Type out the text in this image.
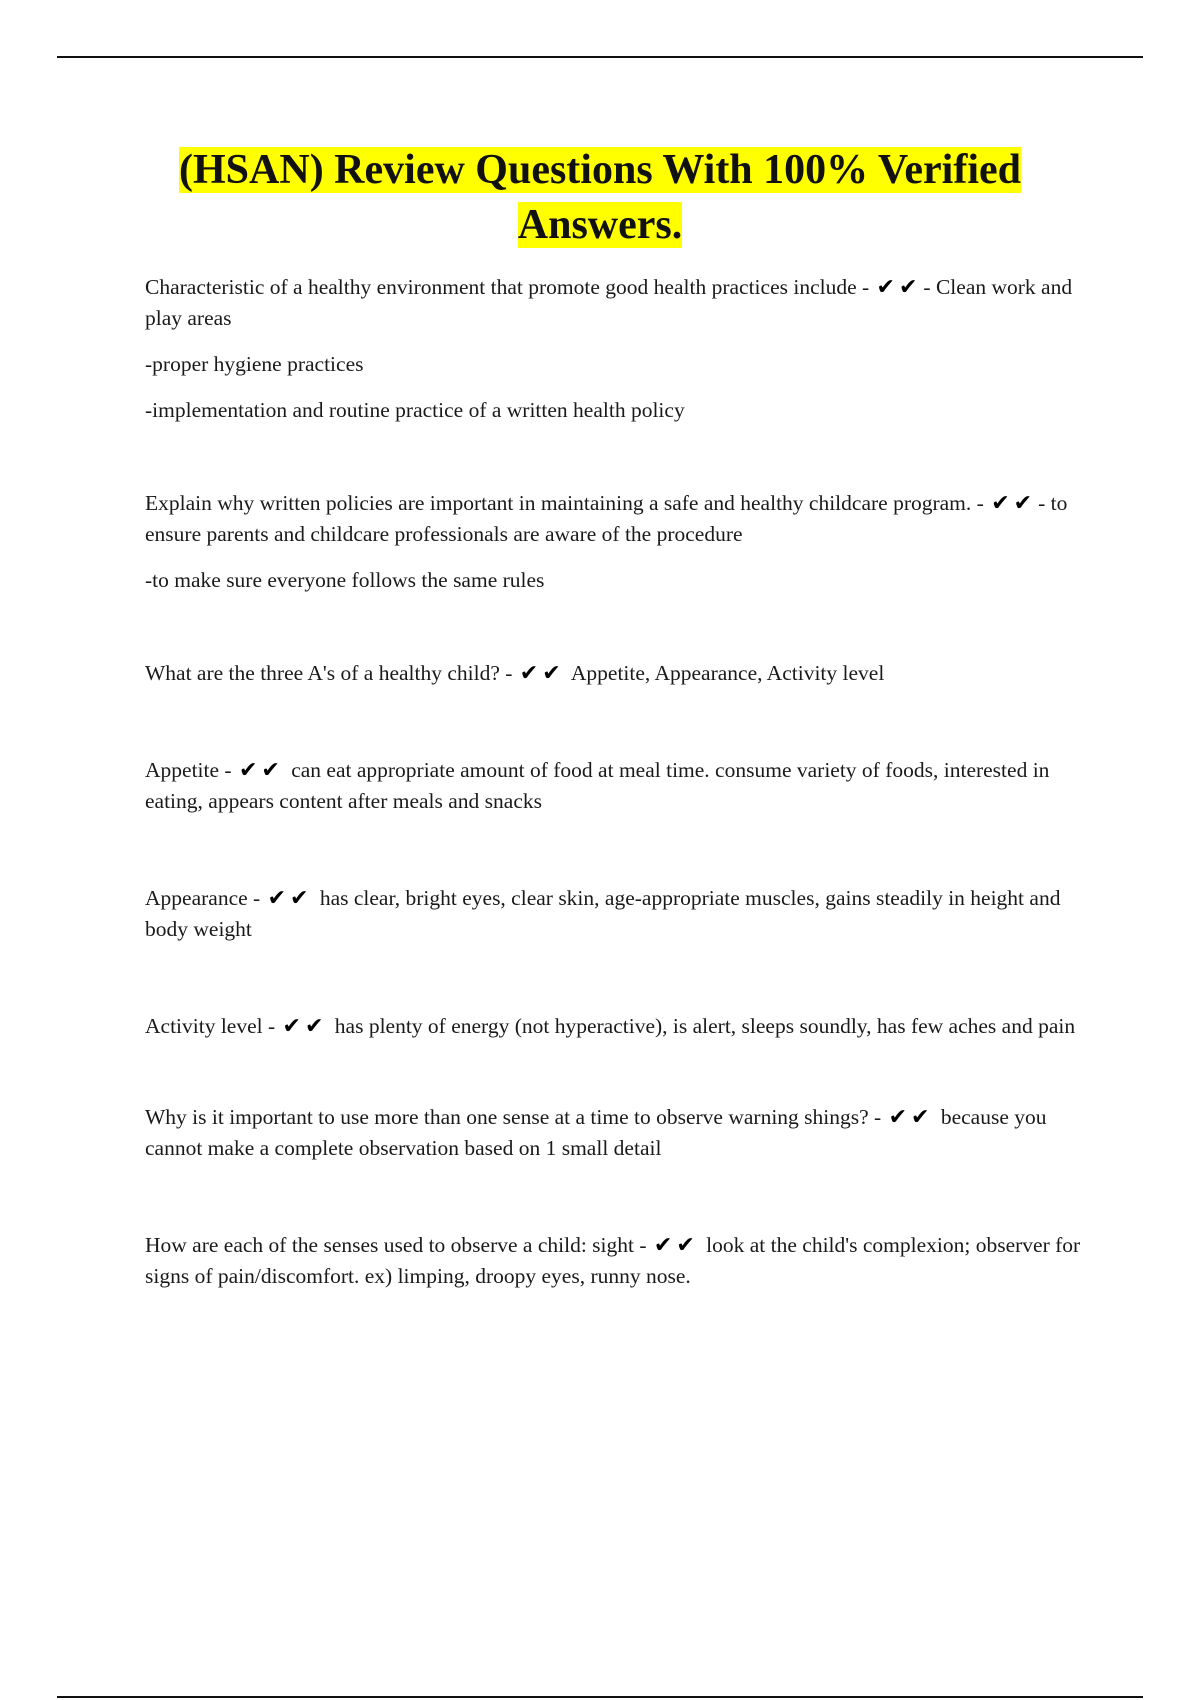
(HSAN) Review Questions With 100% Verified
Answers.

Characteristic of a healthy environment that promote good health practices include - ✔✔- Clean work and play areas

-proper hygiene practices

-implementation and routine practice of a written health policy

Explain why written policies are important in maintaining a safe and healthy childcare program. - ✔✔- to ensure parents and childcare professionals are aware of the procedure

-to make sure everyone follows the same rules

What are the three A's of a healthy child? - ✔✔ Appetite, Appearance, Activity level

Appetite - ✔✔ can eat appropriate amount of food at meal time. consume variety of foods, interested in eating, appears content after meals and snacks

Appearance - ✔✔ has clear, bright eyes, clear skin, age-appropriate muscles, gains steadily in height and body weight

Activity level - ✔✔ has plenty of energy (not hyperactive), is alert, sleeps soundly, has few aches and pain

Why is it important to use more than one sense at a time to observe warning shings? - ✔✔ because you cannot make a complete observation based on 1 small detail

How are each of the senses used to observe a child: sight - ✔✔ look at the child's complexion; observer for signs of pain/discomfort. ex) limping, droopy eyes, runny nose.
